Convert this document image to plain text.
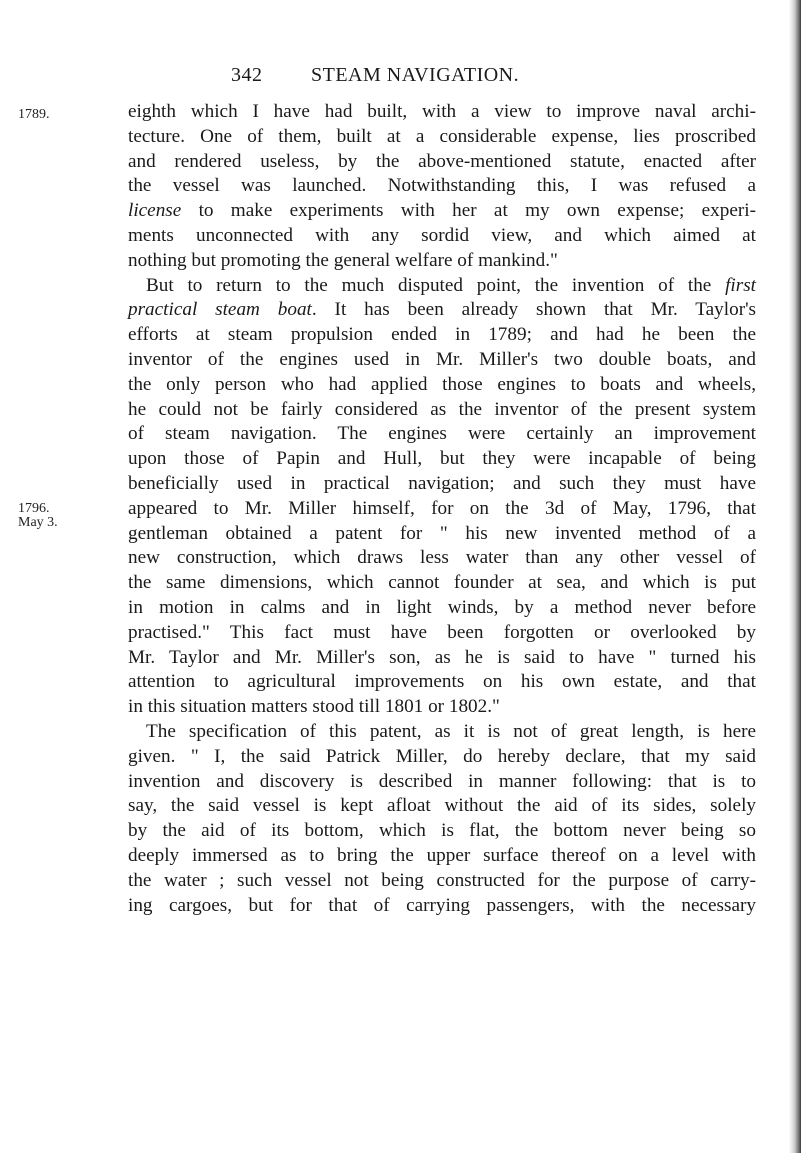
342 STEAM NAVIGATION.
1789.
1796.
May 3.
eighth which I have had built, with a view to improve naval archi-
tecture. One of them, built at a considerable expense, lies proscribed
and rendered useless, by the above-mentioned statute, enacted after
the vessel was launched. Notwithstanding this, I was refused a
license to make experiments with her at my own expense; experi-
ments unconnected with any sordid view, and which aimed at
nothing but promoting the general welfare of mankind."
But to return to the much disputed point, the invention of the first
practical steam boat. It has been already shown that Mr. Taylor's
efforts at steam propulsion ended in 1789; and had he been the
inventor of the engines used in Mr. Miller's two double boats, and
the only person who had applied those engines to boats and wheels,
he could not be fairly considered as the inventor of the present system
of steam navigation. The engines were certainly an improvement
upon those of Papin and Hull, but they were incapable of being
beneficially used in practical navigation; and such they must have
appeared to Mr. Miller himself, for on the 3d of May, 1796, that
gentleman obtained a patent for " his new invented method of a
new construction, which draws less water than any other vessel of
the same dimensions, which cannot founder at sea, and which is put
in motion in calms and in light winds, by a method never before
practised." This fact must have been forgotten or overlooked by
Mr. Taylor and Mr. Miller's son, as he is said to have " turned his
attention to agricultural improvements on his own estate, and that
in this situation matters stood till 1801 or 1802."
The specification of this patent, as it is not of great length, is here
given. " I, the said Patrick Miller, do hereby declare, that my said
invention and discovery is described in manner following: that is to
say, the said vessel is kept afloat without the aid of its sides, solely
by the aid of its bottom, which is flat, the bottom never being so
deeply immersed as to bring the upper surface thereof on a level with
the water ; such vessel not being constructed for the purpose of carry-
ing cargoes, but for that of carrying passengers, with the necessary
